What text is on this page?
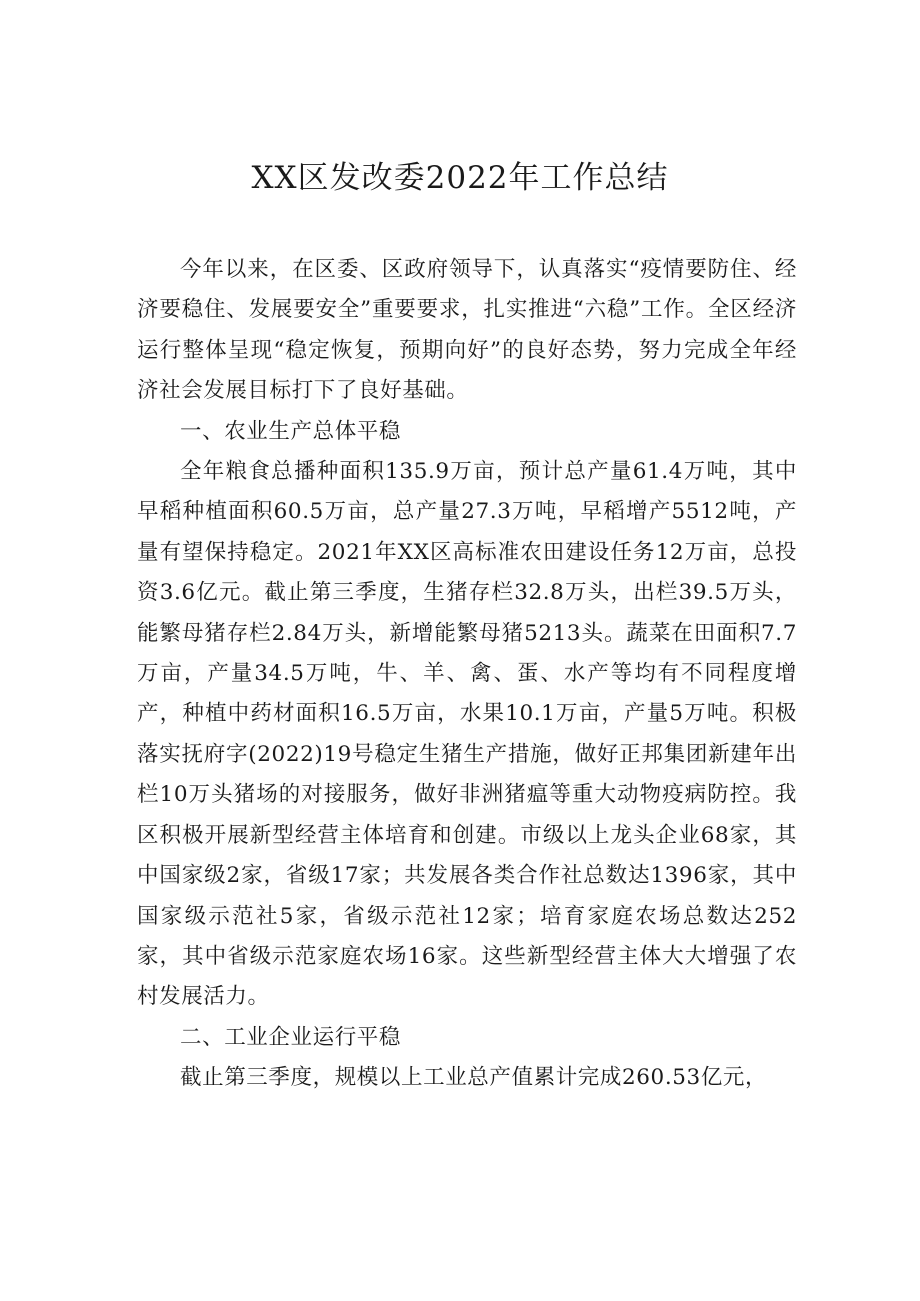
XX区发改委2022年工作总结

今年以来，在区委、区政府领导下，认真落实“疫情要防住、经济要稳住、发展要安全”重要要求，扎实推进“六稳”工作。全区经济运行整体呈现“稳定恢复，预期向好”的良好态势，努力完成全年经济社会发展目标打下了良好基础。

一、农业生产总体平稳

全年粮食总播种面积135.9万亩，预计总产量61.4万吨，其中早稻种植面积60.5万亩，总产量27.3万吨，早稻增产5512吨，产量有望保持稳定。2021年XX区高标准农田建设任务12万亩，总投资3.6亿元。截止第三季度，生猪存栏32.8万头，出栏39.5万头，能繁母猪存栏2.84万头，新增能繁母猪5213头。蔬菜在田面积7.7万亩，产量34.5万吨，牛、羊、禽、蛋、水产等均有不同程度增产，种植中药材面积16.5万亩，水果10.1万亩，产量5万吨。积极落实抚府字(2022)19号稳定生猪生产措施，做好正邦集团新建年出栏10万头猪场的对接服务，做好非洲猪瘟等重大动物疫病防控。我区积极开展新型经营主体培育和创建。市级以上龙头企业68家，其中国家级2家，省级17家；共发展各类合作社总数达1396家，其中国家级示范社5家，省级示范社12家；培育家庭农场总数达252家，其中省级示范家庭农场16家。这些新型经营主体大大增强了农村发展活力。

二、工业企业运行平稳

截止第三季度，规模以上工业总产值累计完成260.53亿元，
